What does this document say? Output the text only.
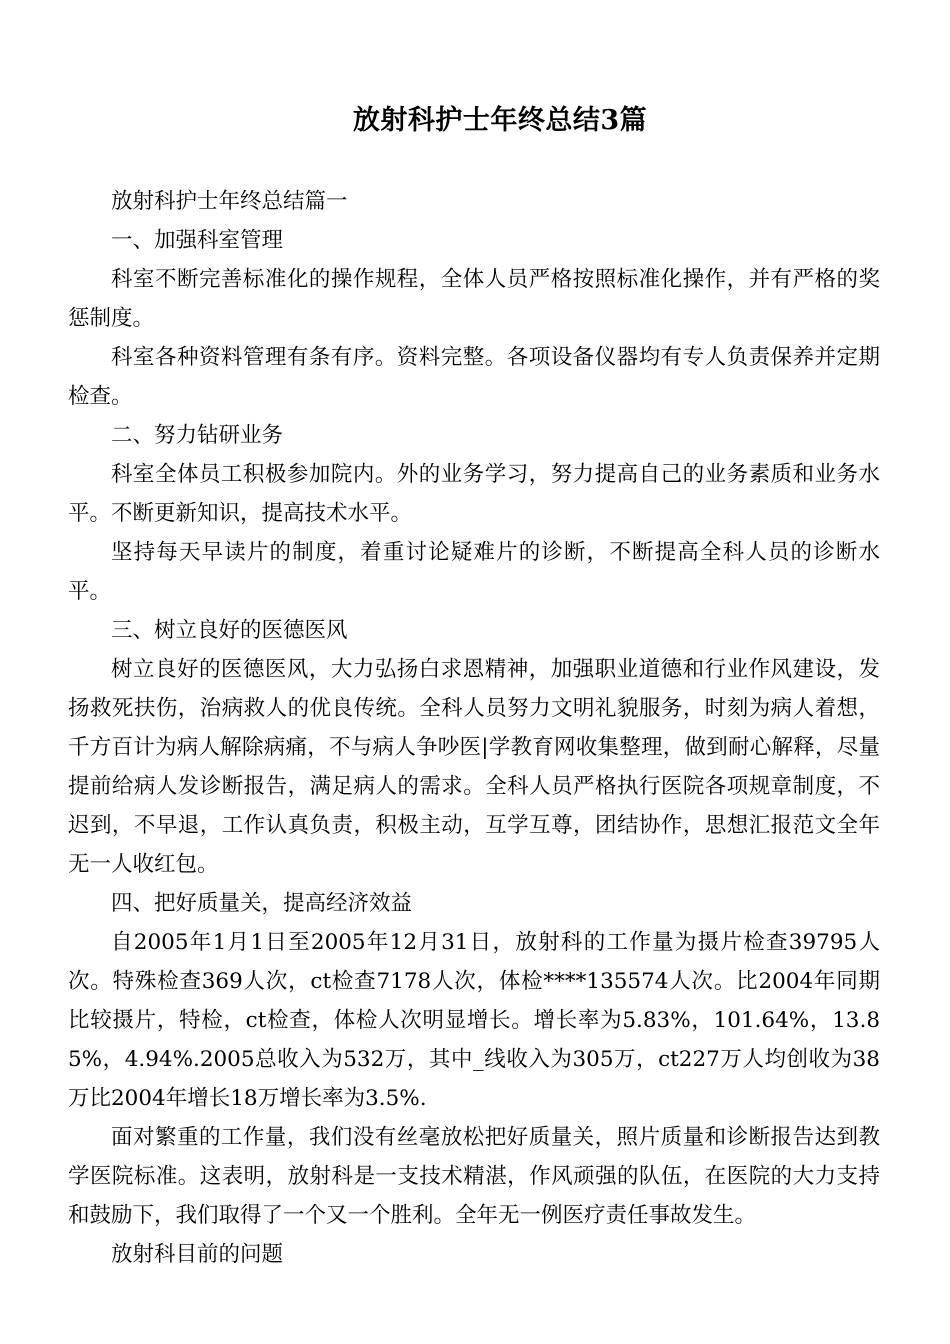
放射科护士年终总结3篇

放射科护士年终总结篇一

一、加强科室管理

科室不断完善标准化的操作规程，全体人员严格按照标准化操作，并有严格的奖惩制度。

科室各种资料管理有条有序。资料完整。各项设备仪器均有专人负责保养并定期检查。

二、努力钻研业务

科室全体员工积极参加院内。外的业务学习，努力提高自己的业务素质和业务水平。不断更新知识，提高技术水平。

坚持每天早读片的制度，着重讨论疑难片的诊断，不断提高全科人员的诊断水平。

三、树立良好的医德医风

树立良好的医德医风，大力弘扬白求恩精神，加强职业道德和行业作风建设，发扬救死扶伤，治病救人的优良传统。全科人员努力文明礼貌服务，时刻为病人着想，千方百计为病人解除病痛，不与病人争吵医|学教育网收集整理，做到耐心解释，尽量提前给病人发诊断报告，满足病人的需求。全科人员严格执行医院各项规章制度，不迟到，不早退，工作认真负责，积极主动，互学互尊，团结协作，思想汇报范文全年无一人收红包。

四、把好质量关，提高经济效益

自2005年1月1日至2005年12月31日，放射科的工作量为摄片检查39795人次。特殊检查369人次，ct检查7178人次，体检****135574人次。比2004年同期比较摄片，特检，ct检查，体检人次明显增长。增长率为5.83%，101.64%，13.85%，4.94%.2005总收入为532万，其中_线收入为305万，ct227万人均创收为38万比2004年增长18万增长率为3.5%.

面对繁重的工作量，我们没有丝毫放松把好质量关，照片质量和诊断报告达到教学医院标准。这表明，放射科是一支技术精湛，作风顽强的队伍，在医院的大力支持和鼓励下，我们取得了一个又一个胜利。全年无一例医疗责任事故发生。

放射科目前的问题
